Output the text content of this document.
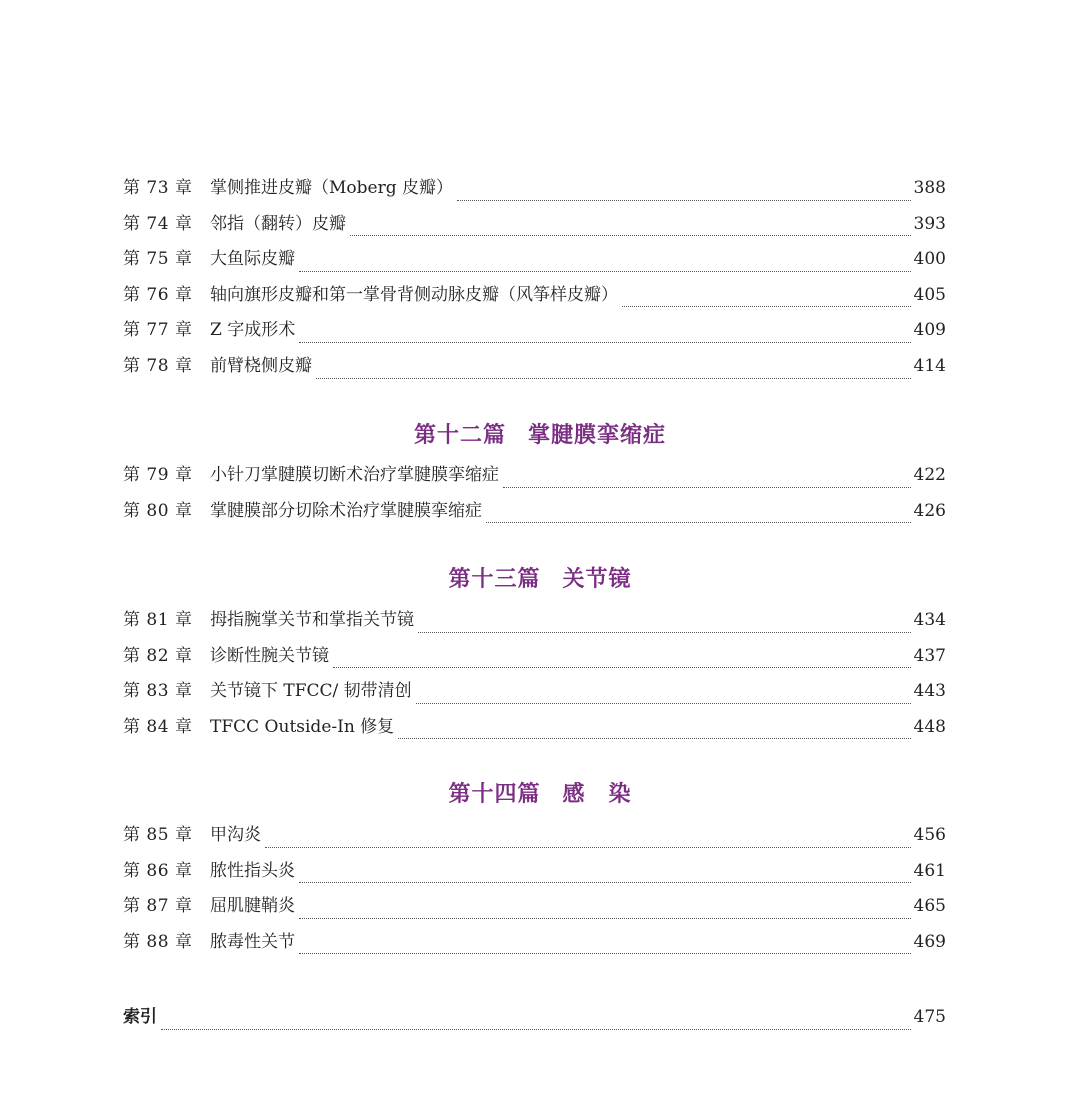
第 73 章	掌侧推进皮瓣（Moberg 皮瓣）	388
第 74 章	邻指（翻转）皮瓣	393
第 75 章	大鱼际皮瓣	400
第 76 章	轴向旗形皮瓣和第一掌骨背侧动脉皮瓣（风筝样皮瓣）	405
第 77 章	Z 字成形术	409
第 78 章	前臂桡侧皮瓣	414
第十二篇 掌腱膜挛缩症
第 79 章	小针刀掌腱膜切断术治疗掌腱膜挛缩症	422
第 80 章	掌腱膜部分切除术治疗掌腱膜挛缩症	426
第十三篇 关节镜
第 81 章	拇指腕掌关节和掌指关节镜	434
第 82 章	诊断性腕关节镜	437
第 83 章	关节镜下 TFCC/ 韧带清创	443
第 84 章	TFCC Outside-In 修复	448
第十四篇 感　染
第 85 章	甲沟炎	456
第 86 章	脓性指头炎	461
第 87 章	屈肌腱鞘炎	465
第 88 章	脓毒性关节	469
索引	475
